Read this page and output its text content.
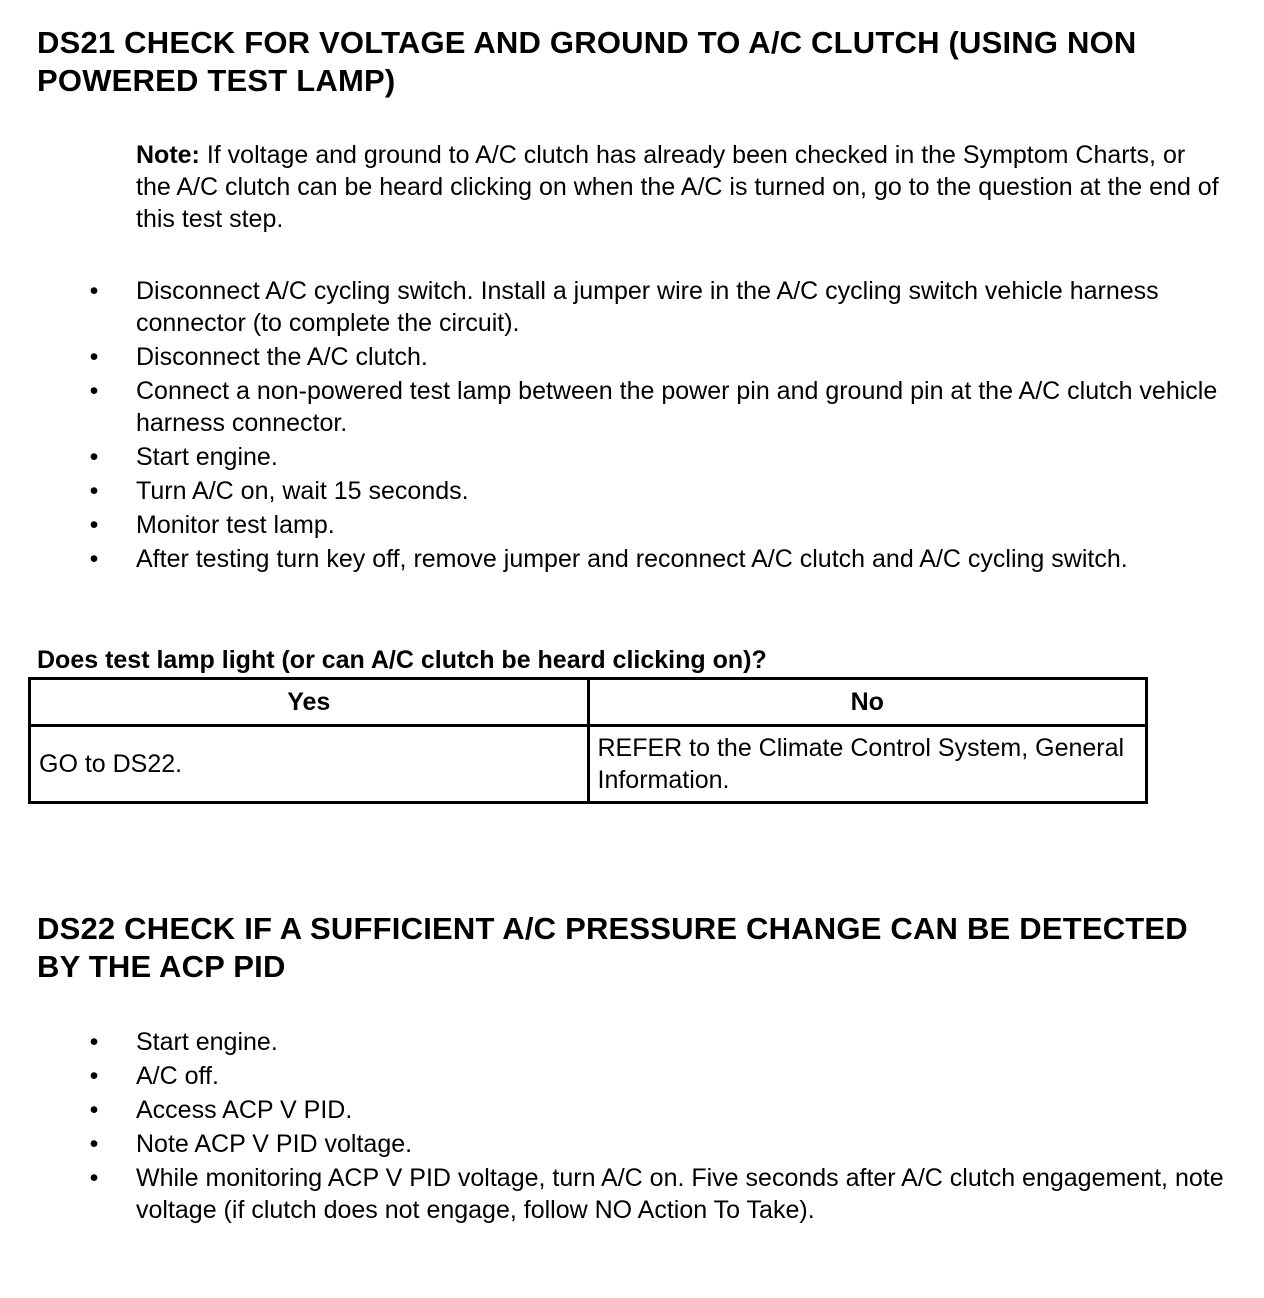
DS21 CHECK FOR VOLTAGE AND GROUND TO A/C CLUTCH (USING NON POWERED TEST LAMP)

Note: If voltage and ground to A/C clutch has already been checked in the Symptom Charts, or the A/C clutch can be heard clicking on when the A/C is turned on, go to the question at the end of this test step.

• Disconnect A/C cycling switch. Install a jumper wire in the A/C cycling switch vehicle harness connector (to complete the circuit).
• Disconnect the A/C clutch.
• Connect a non-powered test lamp between the power pin and ground pin at the A/C clutch vehicle harness connector.
• Start engine.
• Turn A/C on, wait 15 seconds.
• Monitor test lamp.
• After testing turn key off, remove jumper and reconnect A/C clutch and A/C cycling switch.

Does test lamp light (or can A/C clutch be heard clicking on)?

Yes	No
GO to DS22.	REFER to the Climate Control System, General Information.
DS22 CHECK IF A SUFFICIENT A/C PRESSURE CHANGE CAN BE DETECTED BY THE ACP PID
• Start engine.
• A/C off.
• Access ACP V PID.
• Note ACP V PID voltage.
• While monitoring ACP V PID voltage, turn A/C on. Five seconds after A/C clutch engagement, note voltage (if clutch does not engage, follow NO Action To Take).
